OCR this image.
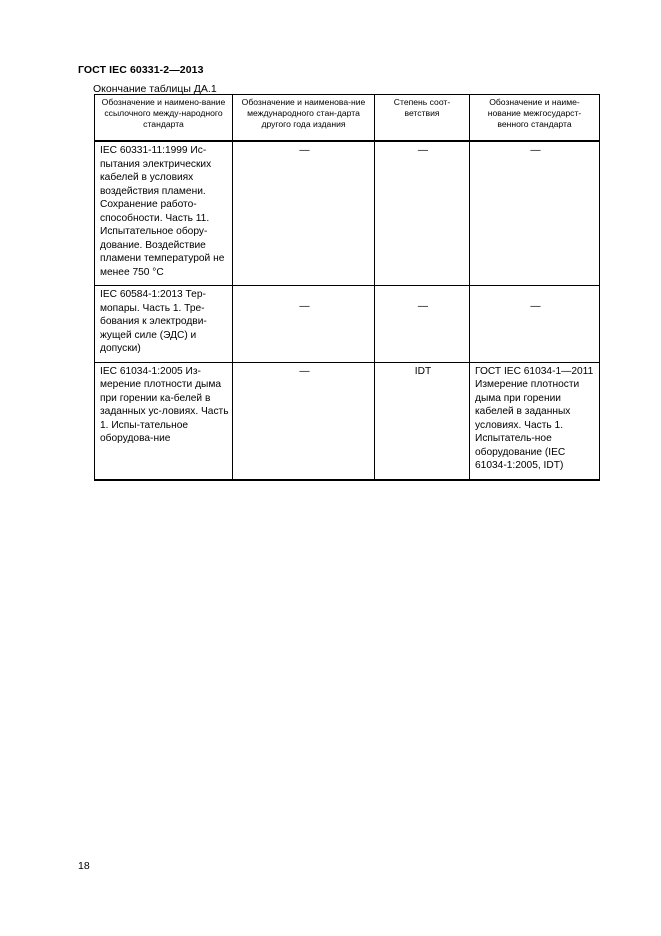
ГОСТ IEC 60331-2—2013
Окончание таблицы ДА.1
Обозначение и наимено-вание ссылочного между-народного стандарта	Обозначение и наименова-ние международного стан-дарта другого года издания	Степень соот-ветствия	Обозначение и наиме-нование межгосударст-венного стандарта
IEC 60331-11:1999 Ис-пытания электрических кабелей в условиях воздействия пламени. Сохранение работо-способности. Часть 11. Испытательное обору-дование. Воздействие пламени температурой не менее 750 °C	—	—	—
IEC 60584-1:2013 Тер-мопары. Часть 1. Тре-бования к электродви-жущей силе (ЭДС) и допуски)	—	—	—
IEC 61034-1:2005 Из-мерение плотности дыма при горении ка-белей в заданных ус-ловиях. Часть 1. Испы-тательное оборудова-ние	—	IDT	ГОСТ IEC 61034-1—2011 Измерение плотности дыма при горении кабелей в заданных условиях. Часть 1. Испытатель-ное оборудование (IEC 61034-1:2005, IDT)
18
